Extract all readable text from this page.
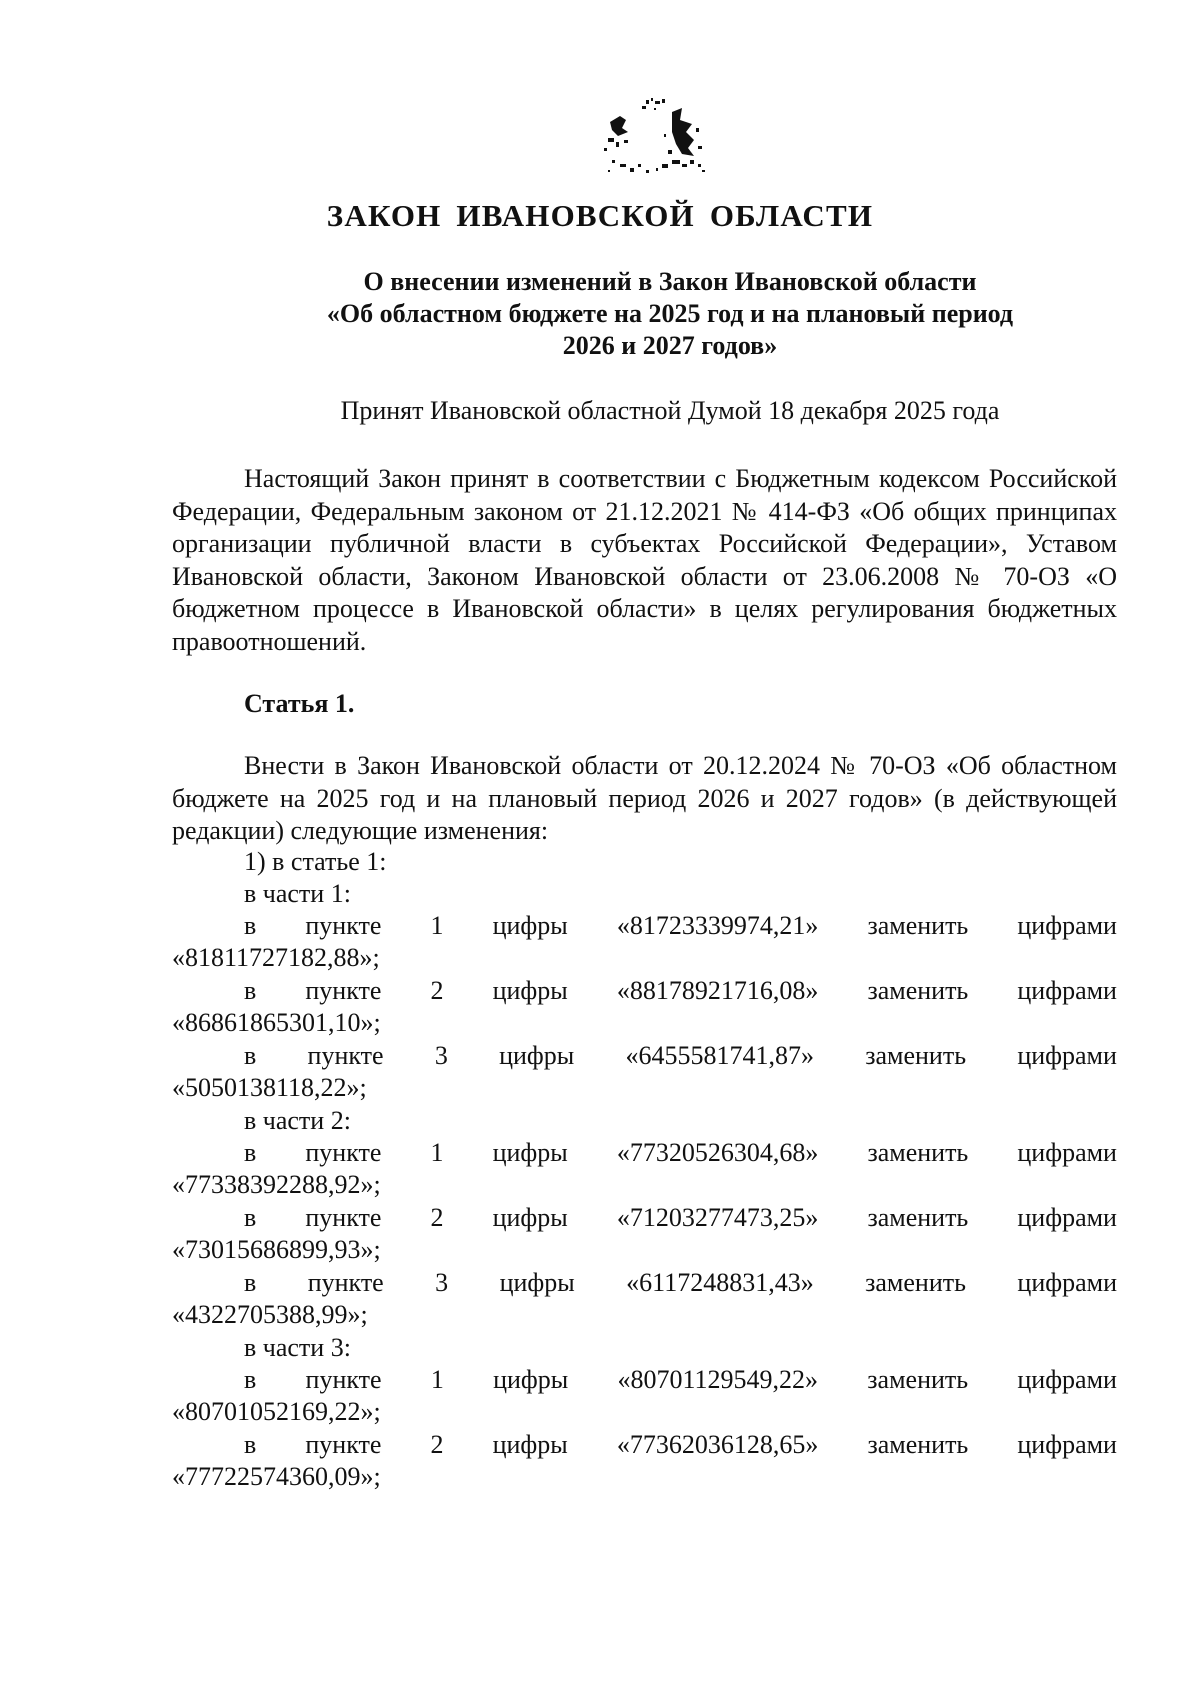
ЗАКОН ИВАНОВСКОЙ ОБЛАСТИ
О внесении изменений в Закон Ивановской области
«Об областном бюджете на 2025 год и на плановый период
2026 и 2027 годов»
Принят Ивановской областной Думой 18 декабря 2025 года

Настоящий Закон принят в соответствии с Бюджетным кодексом Российской Федерации, Федеральным законом от 21.12.2021 № 414-ФЗ «Об общих принципах организации публичной власти в субъектах Российской Федерации», Уставом Ивановской области, Законом Ивановской области от 23.06.2008 № 70-ОЗ «О бюджетном процессе в Ивановской области» в целях регулирования бюджетных правоотношений.

Статья 1.

Внести в Закон Ивановской области от 20.12.2024 № 70-ОЗ «Об областном бюджете на 2025 год и на плановый период 2026 и 2027 годов» (в действующей редакции) следующие изменения:

1) в статье 1:
в части 1:
в пункте 1 цифры «81723339974,21» заменить цифрами
«81811727182,88»;
в пункте 2 цифры «88178921716,08» заменить цифрами
«86861865301,10»;
в пункте 3 цифры «6455581741,87» заменить цифрами
«5050138118,22»;
в части 2:
в пункте 1 цифры «77320526304,68» заменить цифрами
«77338392288,92»;
в пункте 2 цифры «71203277473,25» заменить цифрами
«73015686899,93»;
в пункте 3 цифры «6117248831,43» заменить цифрами
«4322705388,99»;
в части 3:
в пункте 1 цифры «80701129549,22» заменить цифрами
«80701052169,22»;
в пункте 2 цифры «77362036128,65» заменить цифрами
«77722574360,09»;
